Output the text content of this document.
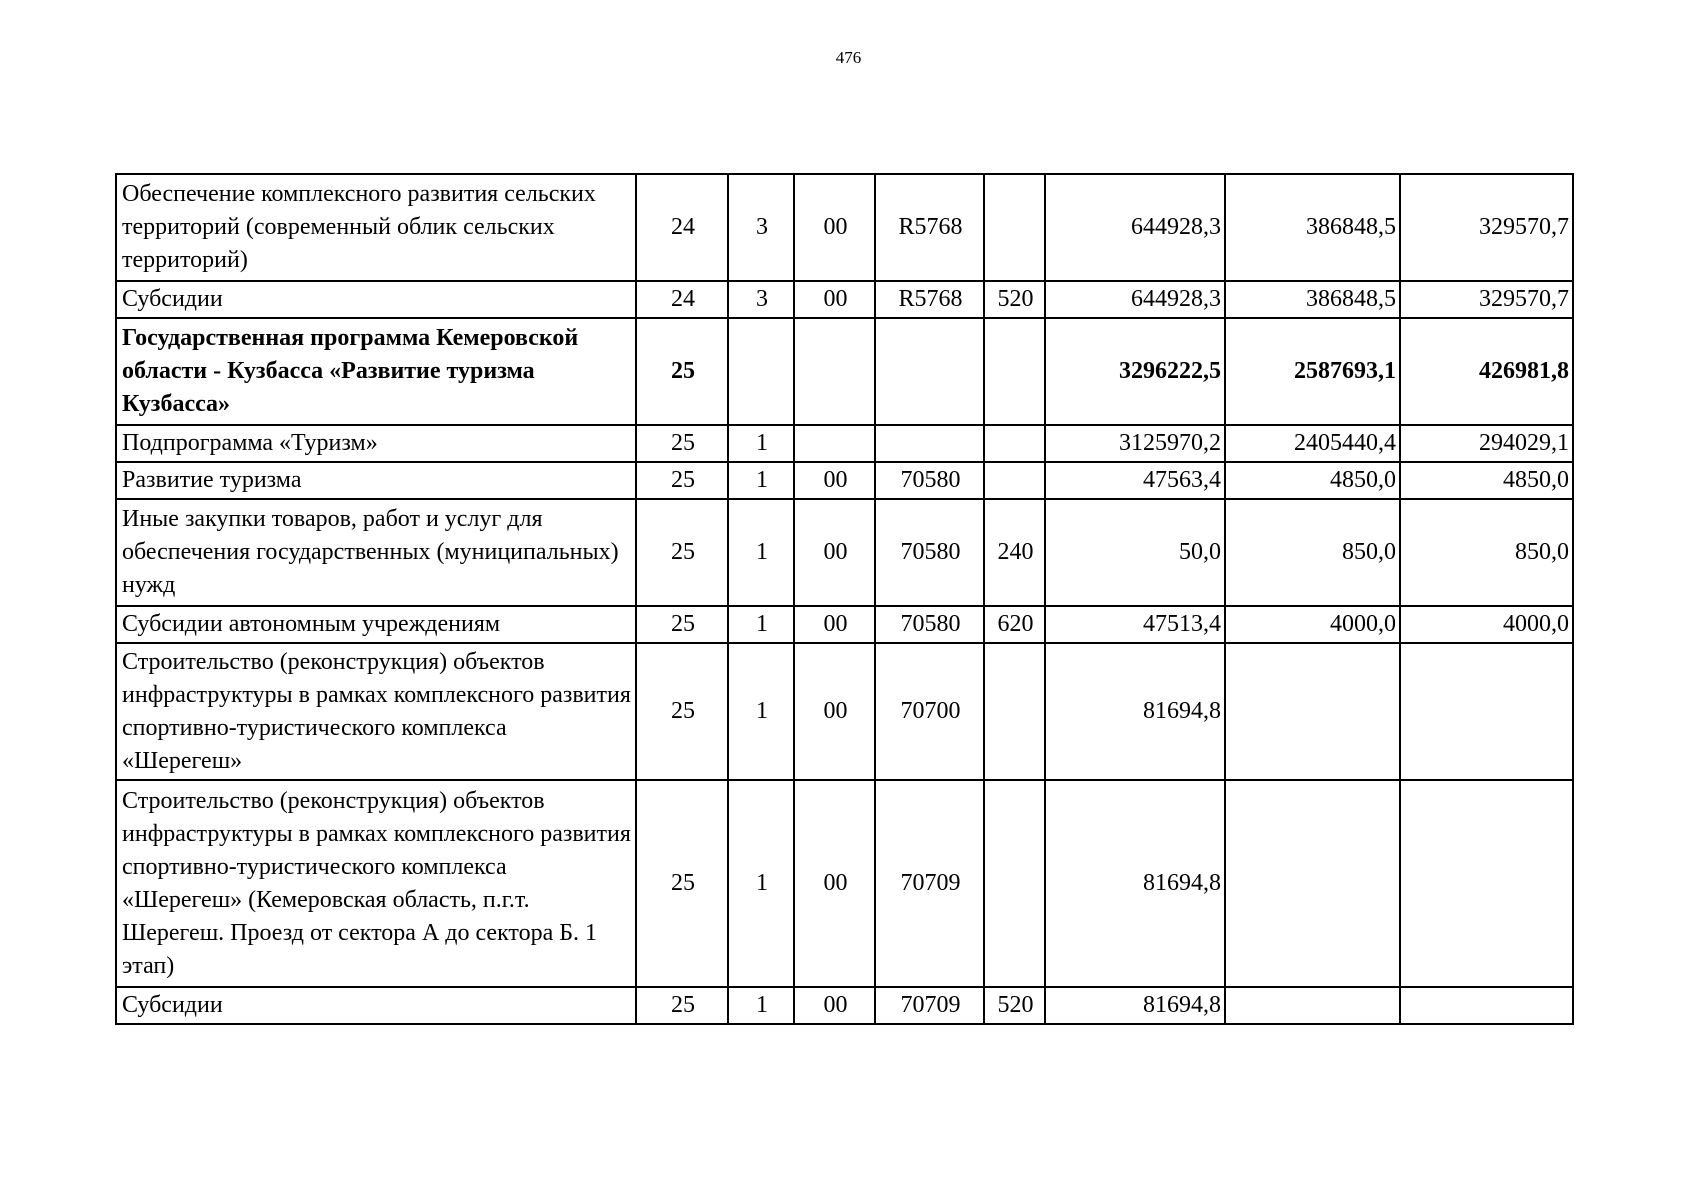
476
Обеспечение комплексного развития сельских территорий (современный облик сельских территорий)	24	3	00	R5768		644928,3	386848,5	329570,7
Субсидии	24	3	00	R5768	520	644928,3	386848,5	329570,7
Государственная программа Кемеровской области - Кузбасса «Развитие туризма Кузбасса»	25					3296222,5	2587693,1	426981,8
Подпрограмма «Туризм»	25	1				3125970,2	2405440,4	294029,1
Развитие туризма	25	1	00	70580		47563,4	4850,0	4850,0
Иные закупки товаров, работ и услуг для обеспечения государственных (муниципальных) нужд	25	1	00	70580	240	50,0	850,0	850,0
Субсидии автономным учреждениям	25	1	00	70580	620	47513,4	4000,0	4000,0
Строительство (реконструкция) объектов инфраструктуры в рамках комплексного развития спортивно-туристического комплекса «Шерегеш»	25	1	00	70700		81694,8		
Строительство (реконструкция) объектов инфраструктуры в рамках комплексного развития спортивно-туристического комплекса «Шерегеш» (Кемеровская область, п.г.т. Шерегеш. Проезд от сектора А до сектора Б. 1 этап)	25	1	00	70709		81694,8		
Субсидии	25	1	00	70709	520	81694,8		
